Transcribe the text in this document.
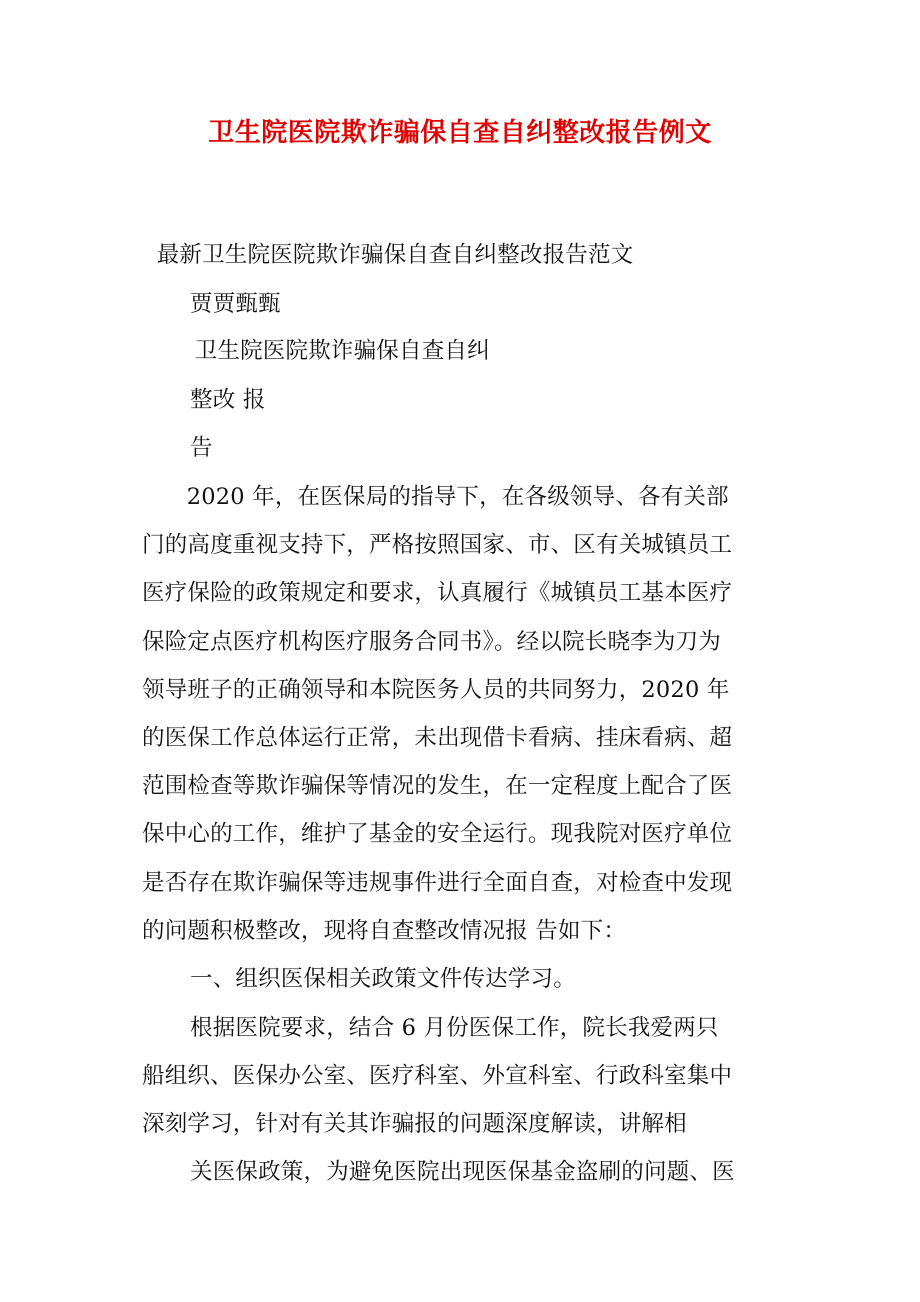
卫生院医院欺诈骗保自查自纠整改报告例文
最新卫生院医院欺诈骗保自查自纠整改报告范文
贾贾甄甄
卫生院医院欺诈骗保自查自纠
整改 报
告
2020 年，在医保局的指导下，在各级领导、各有关部
门的高度重视支持下，严格按照国家、市、区有关城镇员工
医疗保险的政策规定和要求，认真履行《城镇员工基本医疗
保险定点医疗机构医疗服务合同书》。经以院长晓李为刀为
领导班子的正确领导和本院医务人员的共同努力，2020 年
的医保工作总体运行正常，未出现借卡看病、挂床看病、超
范围检查等欺诈骗保等情况的发生，在一定程度上配合了医
保中心的工作，维护了基金的安全运行。现我院对医疗单位
是否存在欺诈骗保等违规事件进行全面自查，对检查中发现
的问题积极整改，现将自查整改情况报 告如下：
一、组织医保相关政策文件传达学习。
根据医院要求，结合 6 月份医保工作，院长我爱两只
船组织、医保办公室、医疗科室、外宣科室、行政科室集中
深刻学习，针对有关其诈骗报的问题深度解读，讲解相
关医保政策，为避免医院出现医保基金盗刷的问题、医
